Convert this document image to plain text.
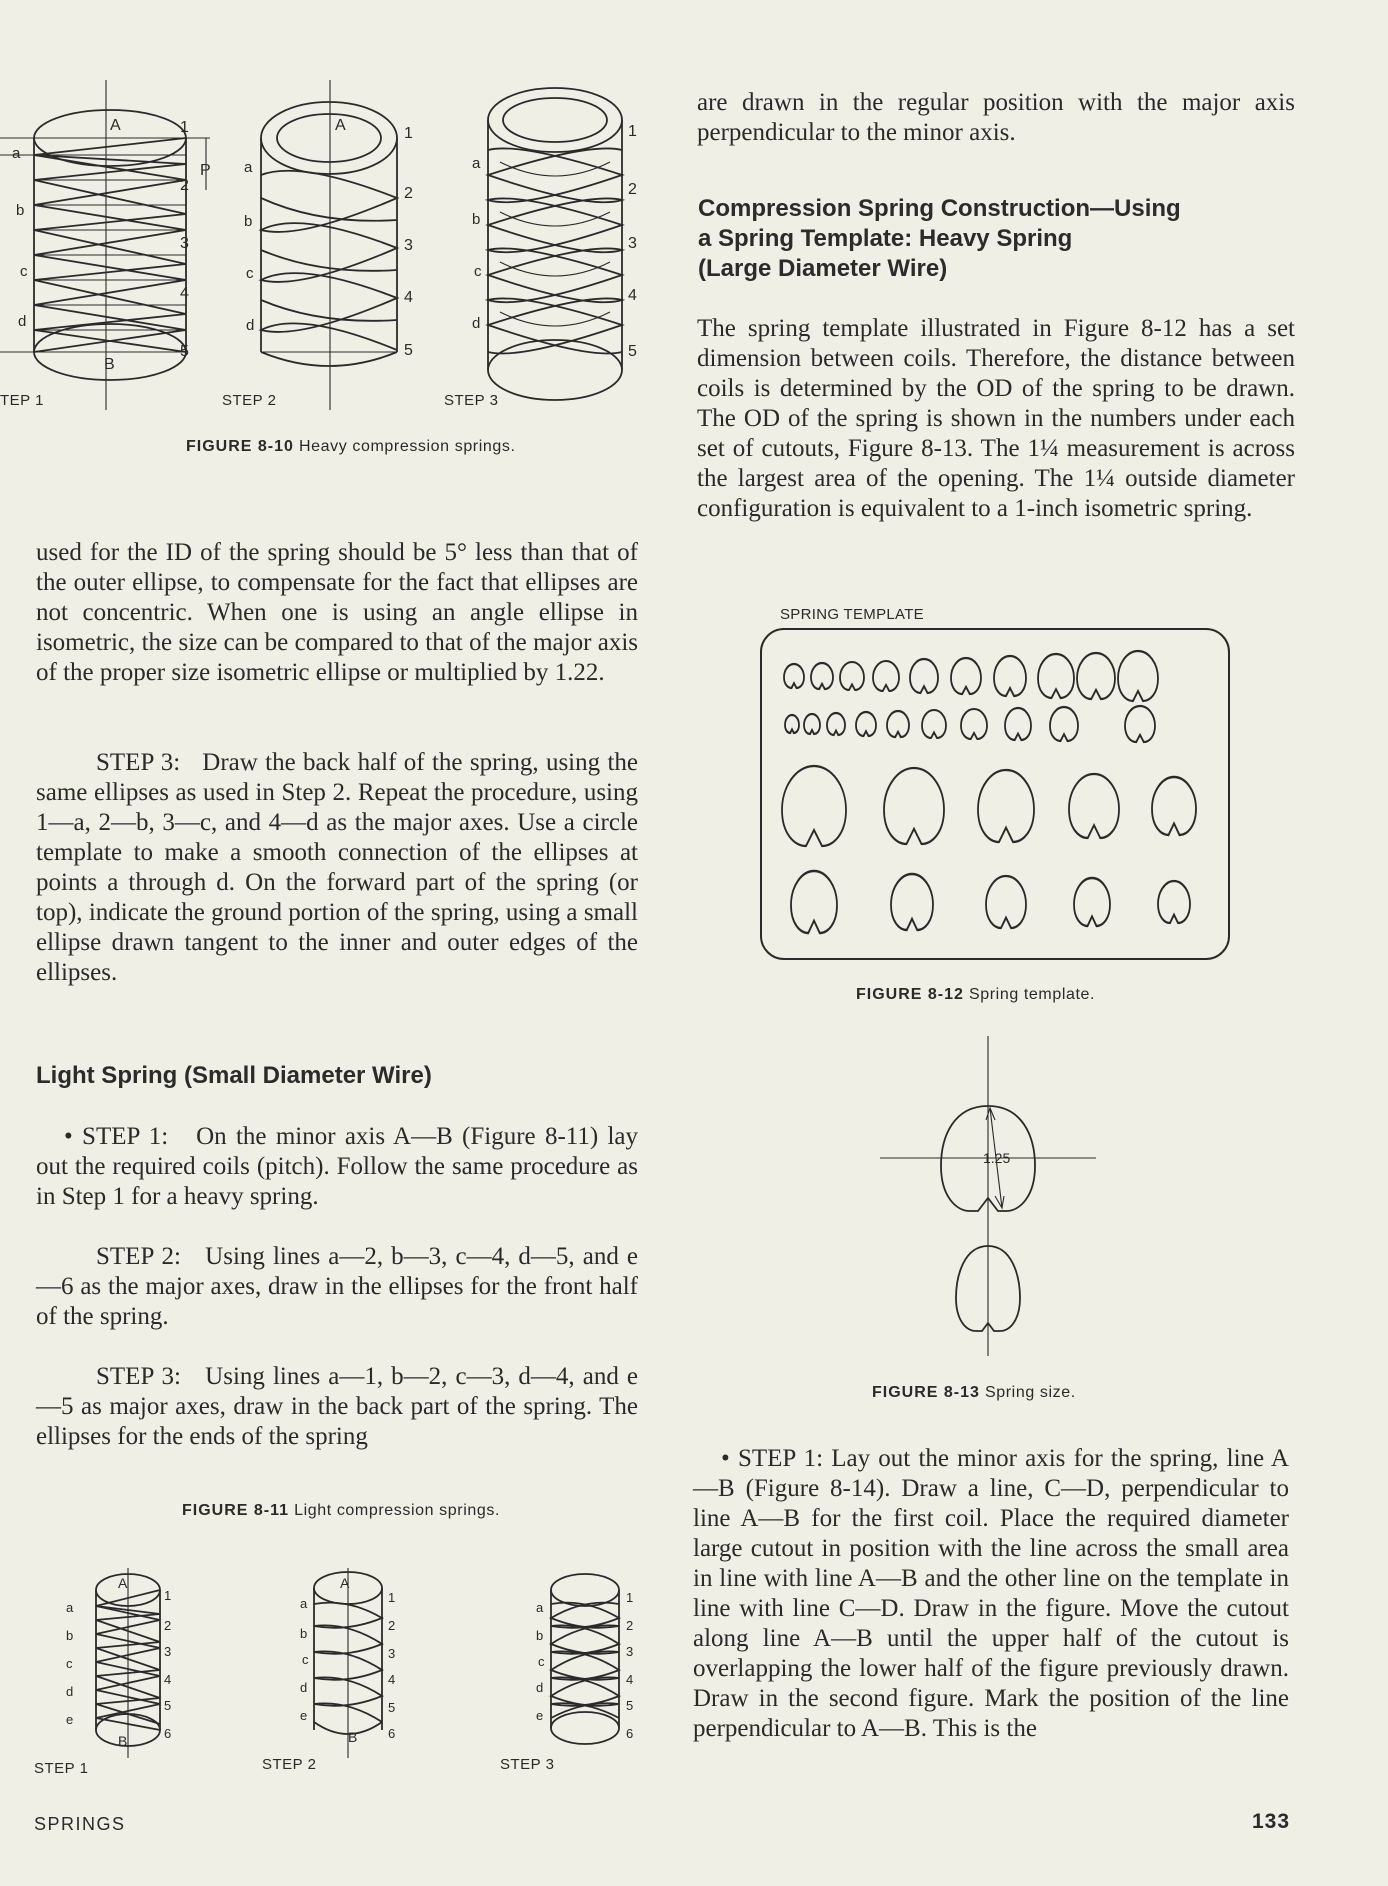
A
B
P
1
2
3
4
5
a
b
c
d
A	1
2
3
4
5
a
b
c
d
1
2
3
4
5
a
b
c
d
TEP 1	STEP 2	STEP 3
FIGURE 8-10 Heavy compression springs.

used for the ID of the spring should be 5° less than that of the outer ellipse, to compensate for the fact that ellipses are not concentric. When one is using an angle ellipse in isometric, the size can be compared to that of the major axis of the proper size isometric ellipse or multiplied by 1.22.

STEP 3: Draw the back half of the spring, using the same ellipses as used in Step 2. Repeat the procedure, using 1—a, 2—b, 3—c, and 4—d as the major axes. Use a circle template to make a smooth connection of the ellipses at points a through d. On the forward part of the spring (or top), indicate the ground portion of the spring, using a small ellipse drawn tangent to the inner and outer edges of the ellipses.

Light Spring (Small Diameter Wire)

• STEP 1: On the minor axis A—B (Figure 8-11) lay out the required coils (pitch). Follow the same procedure as in Step 1 for a heavy spring.

STEP 2: Using lines a—2, b—3, c—4, d—5, and e—6 as the major axes, draw in the ellipses for the front half of the spring.

STEP 3: Using lines a—1, b—2, c—3, d—4, and e—5 as major axes, draw in the back part of the spring. The ellipses for the ends of the spring

FIGURE 8-11 Light compression springs.
A
B
a
b
c
d
e
1
2
3
4
5
6
A
B
a
b
c
d
e
1
2
3
4
5
6
a
b
c
d
e
1
2
3
4
5
6
STEP 1	STEP 2	STEP 3

are drawn in the regular position with the major axis perpendicular to the minor axis.

Compression Spring Construction—Using
a Spring Template: Heavy Spring
(Large Diameter Wire)

The spring template illustrated in Figure 8-12 has a set dimension between coils. Therefore, the distance between coils is determined by the OD of the spring to be drawn. The OD of the spring is shown in the numbers under each set of cutouts, Figure 8-13. The 1¼ measurement is across the largest area of the opening. The 1¼ outside diameter configuration is equivalent to a 1-inch isometric spring.

SPRING TEMPLATE
FIGURE 8-12 Spring template.
1.25
FIGURE 8-13 Spring size.

• STEP 1: Lay out the minor axis for the spring, line A—B (Figure 8-14). Draw a line, C—D, perpendicular to line A—B for the first coil. Place the required diameter large cutout in position with the line across the small area in line with line A—B and the other line on the template in line with line C—D. Draw in the figure. Move the cutout along line A—B until the upper half of the cutout is overlapping the lower half of the figure previously drawn. Draw in the second figure. Mark the position of the line perpendicular to A—B. This is the

SPRINGS	133
